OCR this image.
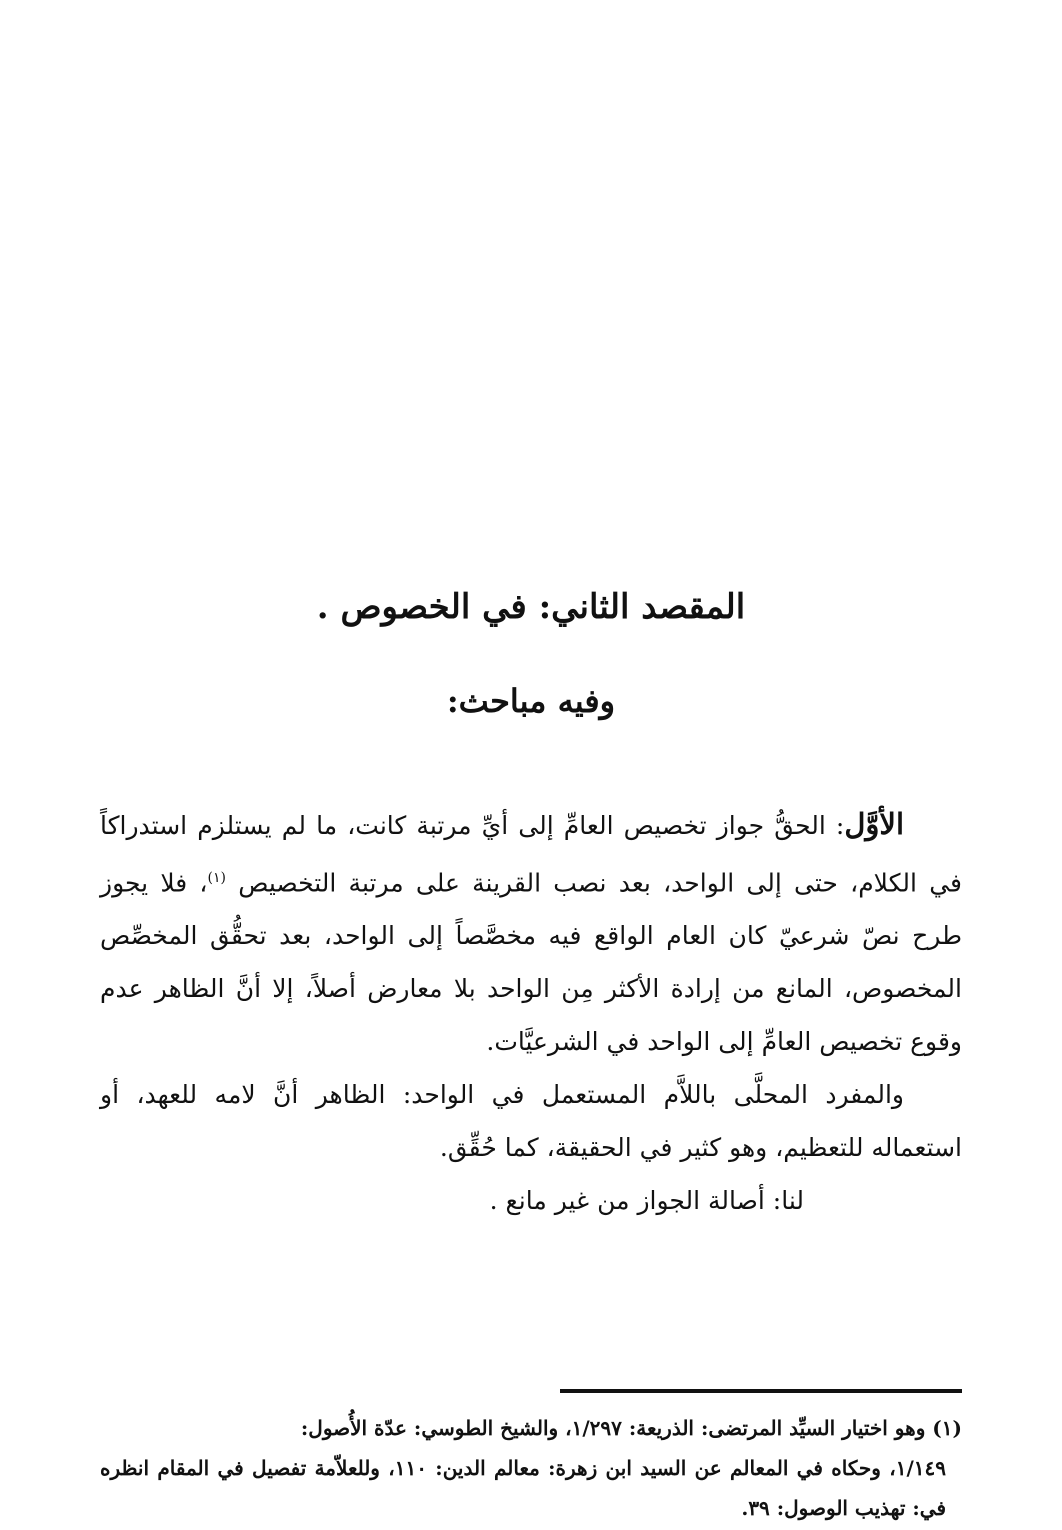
المقصد الثاني: في الخصوص .
وفيه مباحث:

الأوَّل: الحقُّ جواز تخصيص العامِّ إلى أيِّ مرتبة كانت، ما لم يستلزم استدراكاً في الكلام، حتى إلى الواحد، بعد نصب القرينة على مرتبة التخصيص $^{(١)}$، فلا يجوز طرح نصّ شرعيّ كان العام الواقع فيه مخصَّصاً إلى الواحد، بعد تحقُّق المخصِّص المخصوص، المانع من إرادة الأكثر مِن الواحد بلا معارض أصلاً، إلا أنَّ الظاهر عدم وقوع تخصيص العامِّ إلى الواحد في الشرعيَّات.

والمفرد المحلَّى باللاَّم المستعمل في الواحد: الظاهر أنَّ لامه للعهد، أو استعماله للتعظيم، وهو كثير في الحقيقة، كما حُقِّق.

لنا: أصالة الجواز من غير مانع .

(١) وهو اختيار السيِّد المرتضى: الذريعة: ١/٢٩٧، والشيخ الطوسي: عدّة الأُصول:
١/١٤٩، وحكاه في المعالم عن السيد ابن زهرة: معالم الدين: ١١٠، وللعلاّمة تفصيل في المقام انظره في: تهذيب الوصول: ٣٩.
